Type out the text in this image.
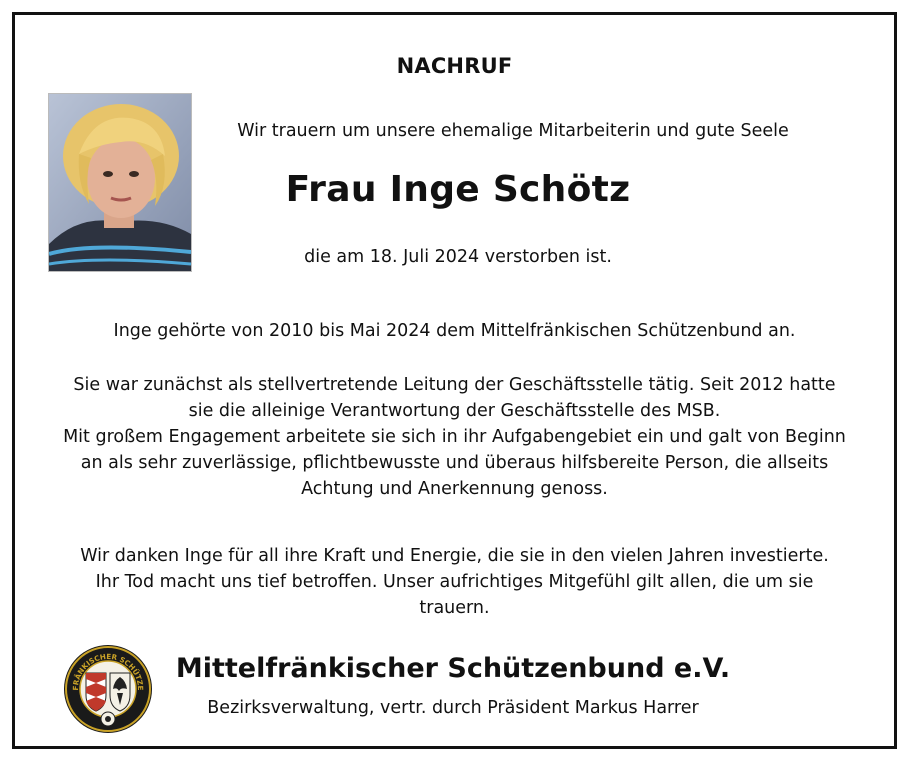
NACHRUF
Wir trauern um unsere ehemalige Mitarbeiterin und gute Seele
Frau Inge Schötz
die am 18. Juli 2024 verstorben ist.
Inge gehörte von 2010 bis Mai 2024 dem Mittelfränkischen Schützenbund an.
Sie war zunächst als stellvertretende Leitung der Geschäftsstelle tätig. Seit 2012 hatte
sie die alleinige Verantwortung der Geschäftsstelle des MSB.
Mit großem Engagement arbeitete sie sich in ihr Aufgabengebiet ein und galt von Beginn
an als sehr zuverlässige, pflichtbewusste und überaus hilfsbereite Person, die allseits
Achtung und Anerkennung genoss.
Wir danken Inge für all ihre Kraft und Energie, die sie in den vielen Jahren investierte.
Ihr Tod macht uns tief betroffen. Unser aufrichtiges Mitgefühl gilt allen, die um sie
trauern.
FRÄNKISCHER SCHÜTZE
Mittelfränkischer Schützenbund e.V.
Bezirksverwaltung, vertr. durch Präsident Markus Harrer
